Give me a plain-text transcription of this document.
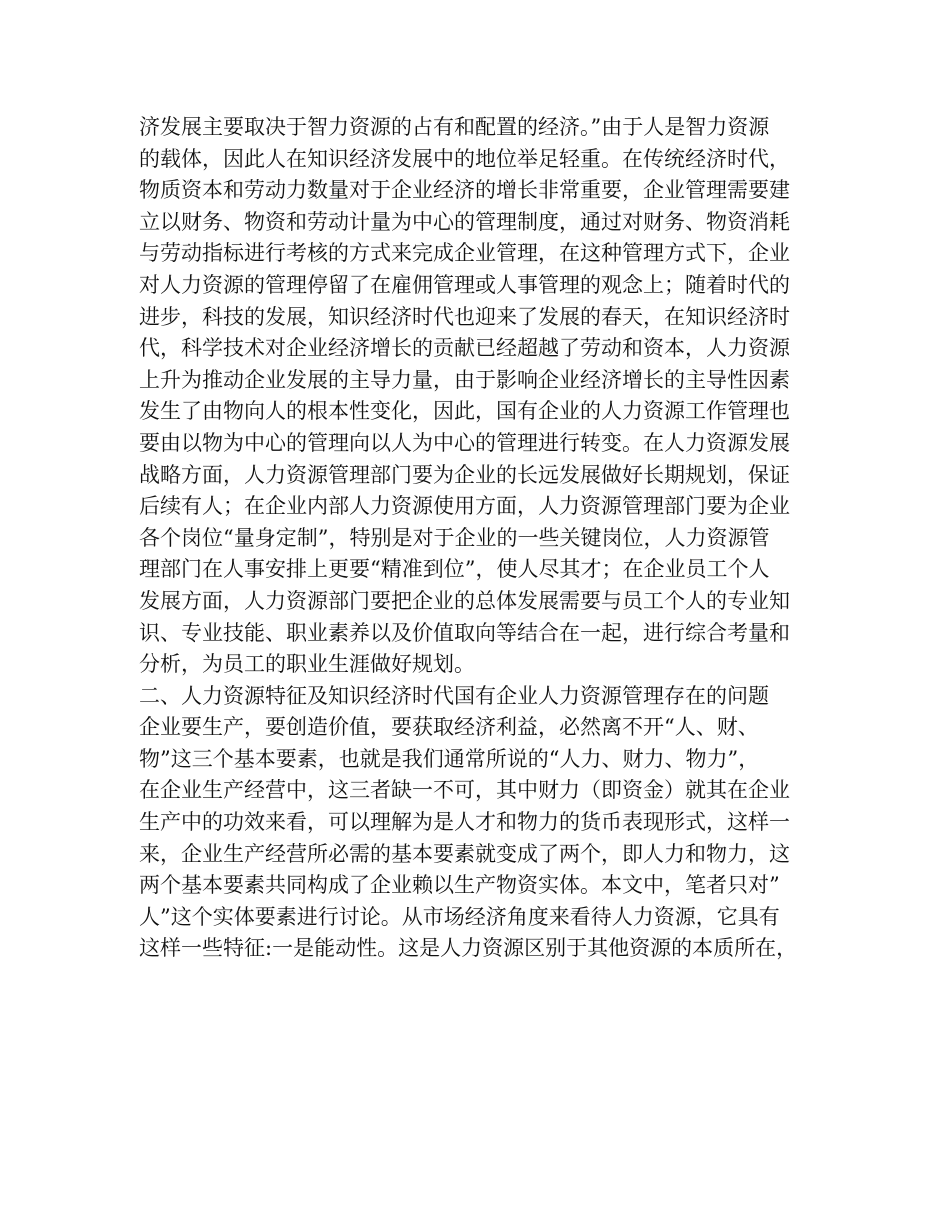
济发展主要取决于智力资源的占有和配置的经济。”由于人是智力资源
的载体，因此人在知识经济发展中的地位举足轻重。在传统经济时代，
物质资本和劳动力数量对于企业经济的增长非常重要，企业管理需要建
立以财务、物资和劳动计量为中心的管理制度，通过对财务、物资消耗
与劳动指标进行考核的方式来完成企业管理，在这种管理方式下，企业
对人力资源的管理停留了在雇佣管理或人事管理的观念上；随着时代的
进步，科技的发展，知识经济时代也迎来了发展的春天，在知识经济时
代，科学技术对企业经济增长的贡献已经超越了劳动和资本，人力资源
上升为推动企业发展的主导力量，由于影响企业经济增长的主导性因素
发生了由物向人的根本性变化，因此，国有企业的人力资源工作管理也
要由以物为中心的管理向以人为中心的管理进行转变。在人力资源发展
战略方面，人力资源管理部门要为企业的长远发展做好长期规划，保证
后续有人；在企业内部人力资源使用方面，人力资源管理部门要为企业
各个岗位“量身定制”，特别是对于企业的一些关键岗位，人力资源管
理部门在人事安排上更要“精准到位”，使人尽其才；在企业员工个人
发展方面，人力资源部门要把企业的总体发展需要与员工个人的专业知
识、专业技能、职业素养以及价值取向等结合在一起，进行综合考量和
分析，为员工的职业生涯做好规划。
二、人力资源特征及知识经济时代国有企业人力资源管理存在的问题
企业要生产，要创造价值，要获取经济利益，必然离不开“人、财、
物”这三个基本要素，也就是我们通常所说的“人力、财力、物力”，
在企业生产经营中，这三者缺一不可，其中财力（即资金）就其在企业
生产中的功效来看，可以理解为是人才和物力的货币表现形式，这样一
来，企业生产经营所必需的基本要素就变成了两个，即人力和物力，这
两个基本要素共同构成了企业赖以生产物资实体。本文中，笔者只对”
人”这个实体要素进行讨论。从市场经济角度来看待人力资源，它具有
这样一些特征:一是能动性。这是人力资源区别于其他资源的本质所在，
